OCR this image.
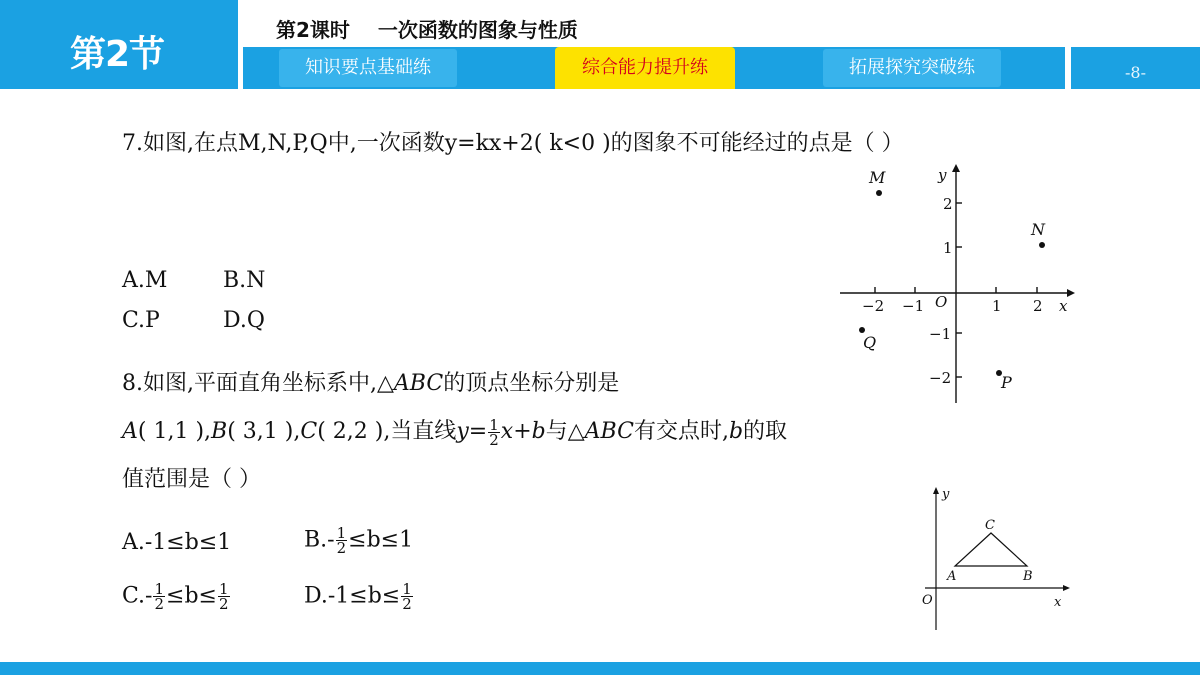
第2节
第2课时 一次函数的图象与性质
知识要点基础练	综合能力提升练	拓展探究突破练	-8-
7.如图,在点M,N,P,Q中,一次函数y=kx+2( k<0 )的图象不可能经过的点是（ ）
A.M	B.N
C.P	D.Q
x
y
O
−2 −1	1 2
2
1
−1
−2
M
N
P
Q
8.如图,平面直角坐标系中,△ABC的顶点坐标分别是
A( 1,1 ),B( 3,1 ),C( 2,2 ),当直线$y= \frac{1}{2} x+b$与△ABC有交点时,b的取
值范围是（ ）
A.-1≤b≤1	$B.- \frac{1}{2} \le b\le 1$
$C.- \frac{1}{2} \le b\le \frac{1}{2}$	$D.-1\le b\le \frac{1}{2}$	x
y
O
A	B
C
